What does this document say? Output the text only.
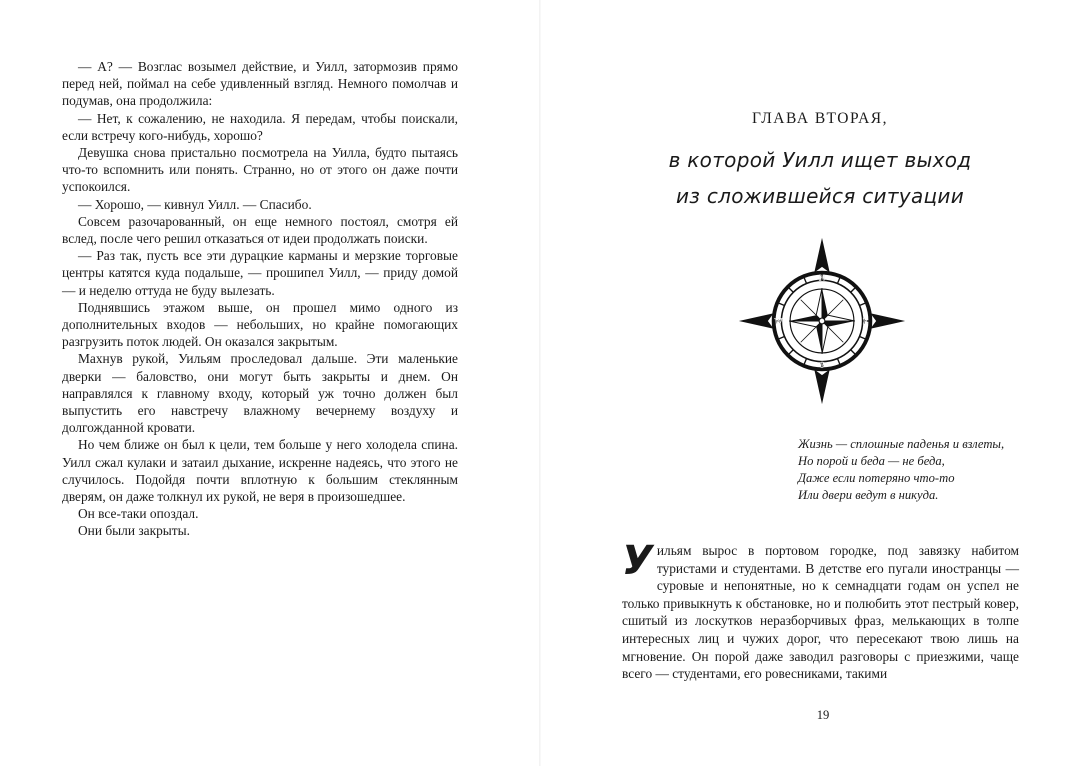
— А? — Возглас возымел действие, и Уилл, затормозив прямо перед ней, поймал на себе удивленный взгляд. Немного помолчав и подумав, она продолжила:

— Нет, к сожалению, не находила. Я передам, чтобы поискали, если встречу кого-нибудь, хорошо?

Девушка снова пристально посмотрела на Уилла, будто пытаясь что-то вспомнить или понять. Странно, но от этого он даже почти успокоился.

— Хорошо, — кивнул Уилл. — Спасибо.

Совсем разочарованный, он еще немного постоял, смотря ей вслед, после чего решил отказаться от идеи продолжать поиски.

— Раз так, пусть все эти дурацкие карманы и мерзкие торговые центры катятся куда подальше, — прошипел Уилл, — приду домой — и неделю оттуда не буду вылезать.

Поднявшись этажом выше, он прошел мимо одного из дополнительных входов — небольших, но крайне помогающих разгрузить поток людей. Он оказался закрытым.

Махнув рукой, Уильям проследовал дальше. Эти маленькие дверки — баловство, они могут быть закрыты и днем. Он направлялся к главному входу, который уж точно должен был выпустить его навстречу влажному вечернему воздуху и долгожданной кровати.

Но чем ближе он был к цели, тем больше у него холодела спина. Уилл сжал кулаки и затаил дыхание, искренне надеясь, что этого не случилось. Подойдя почти вплотную к большим стеклянным дверям, он даже толкнул их рукой, не веря в произошедшее.

Он все-таки опоздал.

Они были закрыты.

ГЛАВА ВТОРАЯ,
в которой Уилл ищет выход
из сложившейся ситуации
N
S
E
W
Жизнь — сплошные паденья и взлеты,
Но порой и беда — не беда,
Даже если потеряно что-то
Или двери ведут в никуда.

Уильям вырос в портовом городке, под завязку набитом туристами и студентами. В детстве его пугали иностранцы — суровые и непонятные, но к семнадцати годам он успел не только привыкнуть к обстановке, но и полюбить этот пестрый ковер, сшитый из лоскутков неразборчивых фраз, мелькающих в толпе интересных лиц и чужих дорог, что пересекают твою лишь на мгновение. Он порой даже заводил разговоры с приезжими, чаще всего — студентами, его ровесниками, такими

19
